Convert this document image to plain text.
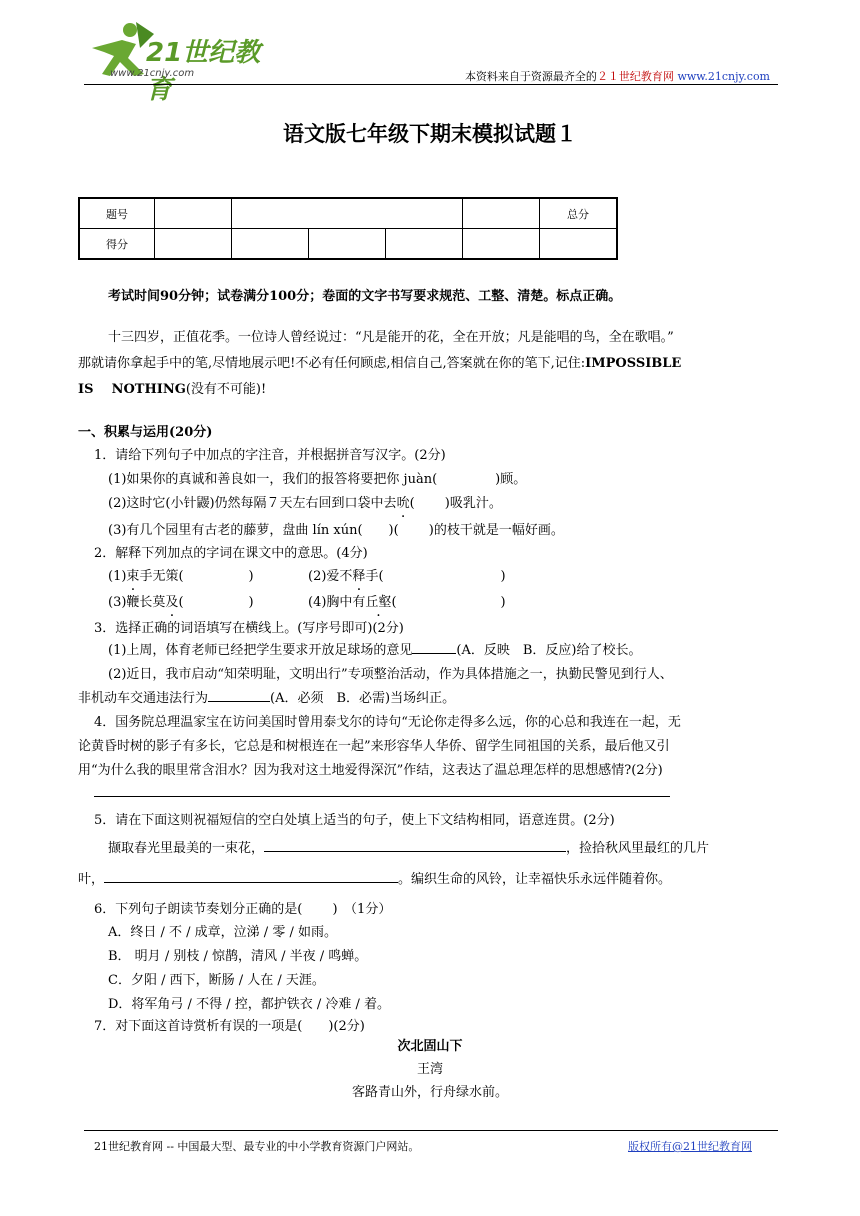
21世纪教育
www.21cnjy.com	本资料来自于资源最齐全的２１世纪教育网 www.21cnjy.com
语文版七年级下期末模拟试题１
题号						总分
得分						
考试时间90分钟；试卷满分100分；卷面的文字书写要求规范、工整、清楚。标点正确。
十三四岁，正值花季。一位诗人曾经说过：“凡是能开的花，全在开放；凡是能唱的鸟，全在歌唱。”
那就请你拿起手中的笔,尽情地展示吧!不必有任何顾虑,相信自己,答案就在你的笔下,记住:IMPOSSIBLE
IS    NOTHING(没有不可能)!
一、积累与运用(20分)
1．请给下列句子中加点的字注音，并根据拼音写汉字。(2分)
(1)如果你的真诚和善良如一，我们的报答将要把你 juàn(	)顾。
(2)这时它(小针鼹)仍然每隔７天左右回到口袋中去吮(　　 )吸乳汁。
(3)有几个园里有古老的藤萝，盘曲 lín xún(　　)(　　 )的枝干就是一幅好画。
2．解释下列加点的字词在课文中的意思。(4分)
(1)束手无策(　　　　　)	(2)爱不释手(　　　　　　　　　)
(3)鞭长莫及(　　　　　)	(4)胸中有丘壑(　　　　　　　　)
3．选择正确的词语填写在横线上。(写序号即可)(2分)
(1)上周，体育老师已经把学生要求开放足球场的意见	(A．反映　B．反应)给了校长。
(2)近日，我市启动“知荣明耻，文明出行”专项整治活动，作为具体措施之一，执勤民警见到行人、
非机动车交通违法行为	(A．必须　B．必需)当场纠正。
4．国务院总理温家宝在访问美国时曾用泰戈尔的诗句“无论你走得多么远，你的心总和我连在一起，无
论黄昏时树的影子有多长，它总是和树根连在一起”来形容华人华侨、留学生同祖国的关系，最后他又引
用“为什么我的眼里常含泪水？因为我对这土地爱得深沉”作结，这表达了温总理怎样的思想感情?(2分)
5．请在下面这则祝福短信的空白处填上适当的句子，使上下文结构相同，语意连贯。(2分)
撷取春光里最美的一束花，	，捡拾秋风里最红的几片
叶，	。编织生命的风铃，让幸福快乐永远伴随着你。
6．下列句子朗读节奏划分正确的是(　　 )　（1分）
A．终日 / 不 / 成章，泣涕 / 零 / 如雨。
B． 明月 / 别枝 / 惊鹊，清风 / 半夜 / 鸣蝉。
C．夕阳 / 西下，断肠 / 人在 / 天涯。
D．将军角弓 / 不得 / 控，都护铁衣 / 冷难 / 着。
7．对下面这首诗赏析有误的一项是(　　)(2分)
次北固山下
王湾
客路青山外，行舟绿水前。
21世纪教育网 -- 中国最大型、最专业的中小学教育资源门户网站。	版权所有@21世纪教育网
